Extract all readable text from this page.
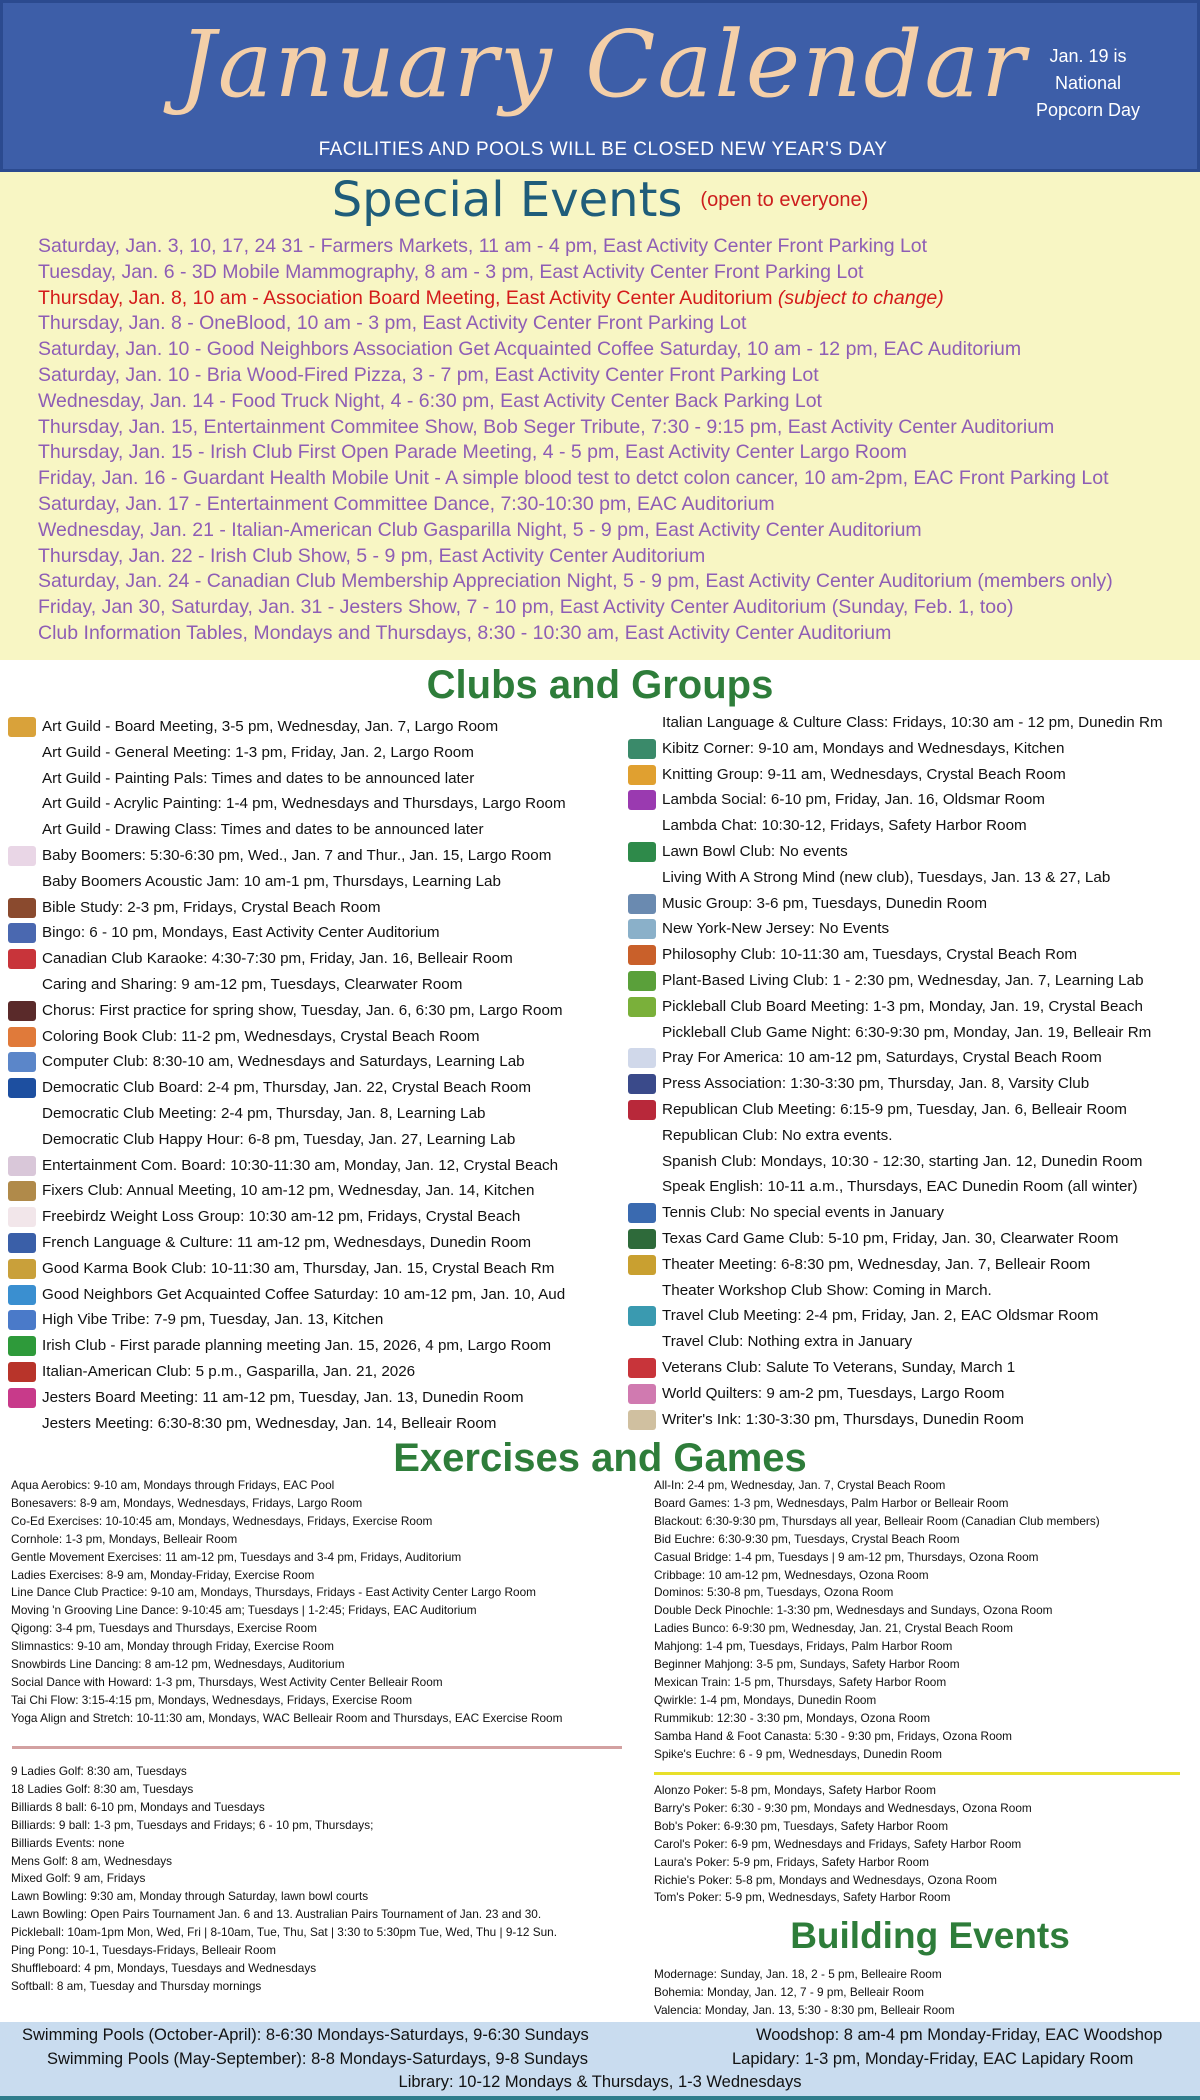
January Calendar
FACILITIES AND POOLS WILL BE CLOSED NEW YEAR'S DAY
Jan. 19 is
National
Popcorn Day
Special Events (open to everyone)
Saturday, Jan. 3, 10, 17, 24 31 - Farmers Markets, 11 am - 4 pm, East Activity Center Front Parking Lot
Tuesday, Jan. 6 - 3D Mobile Mammography, 8 am - 3 pm, East Activity Center Front Parking Lot
Thursday, Jan. 8, 10 am - Association Board Meeting, East Activity Center Auditorium (subject to change)
Thursday, Jan. 8 - OneBlood, 10 am - 3 pm, East Activity Center Front Parking Lot
Saturday, Jan. 10 - Good Neighbors Association Get Acquainted Coffee Saturday, 10 am - 12 pm, EAC Auditorium
Saturday, Jan. 10 - Bria Wood-Fired Pizza, 3 - 7 pm, East Activity Center Front Parking Lot
Wednesday, Jan. 14 - Food Truck Night, 4 - 6:30 pm, East Activity Center Back Parking Lot
Thursday, Jan. 15, Entertainment Commitee Show, Bob Seger Tribute, 7:30 - 9:15 pm, East Activity Center Auditorium
Thursday, Jan. 15 - Irish Club First Open Parade Meeting, 4 - 5 pm, East Activity Center Largo Room
Friday, Jan. 16 - Guardant Health Mobile Unit - A simple blood test to detct colon cancer, 10 am-2pm, EAC Front Parking Lot
Saturday, Jan. 17 - Entertainment Committee Dance, 7:30-10:30 pm, EAC Auditorium
Wednesday, Jan. 21 - Italian-American Club Gasparilla Night, 5 - 9 pm, East Activity Center Auditorium
Thursday, Jan. 22 - Irish Club Show, 5 - 9 pm, East Activity Center Auditorium
Saturday, Jan. 24 - Canadian Club Membership Appreciation Night, 5 - 9 pm, East Activity Center Auditorium (members only)
Friday, Jan 30, Saturday, Jan. 31 - Jesters Show, 7 - 10 pm, East Activity Center Auditorium (Sunday, Feb. 1, too)
Club Information Tables, Mondays and Thursdays, 8:30 - 10:30 am, East Activity Center Auditorium
Clubs and Groups
Art Guild - Board Meeting, 3-5 pm, Wednesday, Jan. 7, Largo Room
Art Guild - General Meeting: 1-3 pm, Friday, Jan. 2, Largo Room
Art Guild - Painting Pals: Times and dates to be announced later
Art Guild - Acrylic Painting: 1-4 pm, Wednesdays and Thursdays, Largo Room
Art Guild - Drawing Class: Times and dates to be announced later
Baby Boomers: 5:30-6:30 pm, Wed., Jan. 7 and Thur., Jan. 15, Largo Room
Baby Boomers Acoustic Jam: 10 am-1 pm, Thursdays, Learning Lab
Bible Study: 2-3 pm, Fridays, Crystal Beach Room
Bingo: 6 - 10 pm, Mondays, East Activity Center Auditorium
Canadian Club Karaoke: 4:30-7:30 pm, Friday, Jan. 16, Belleair Room
Caring and Sharing: 9 am-12 pm, Tuesdays, Clearwater Room
Chorus: First practice for spring show, Tuesday, Jan. 6, 6:30 pm, Largo Room
Coloring Book Club: 11-2 pm, Wednesdays, Crystal Beach Room
Computer Club: 8:30-10 am, Wednesdays and Saturdays, Learning Lab
Democratic Club Board: 2-4 pm, Thursday, Jan. 22, Crystal Beach Room
Democratic Club Meeting: 2-4 pm, Thursday, Jan. 8, Learning Lab
Democratic Club Happy Hour: 6-8 pm, Tuesday, Jan. 27, Learning Lab
Entertainment Com. Board: 10:30-11:30 am, Monday, Jan. 12, Crystal Beach
Fixers Club: Annual Meeting, 10 am-12 pm, Wednesday, Jan. 14, Kitchen
Freebirdz Weight Loss Group: 10:30 am-12 pm, Fridays, Crystal Beach
French Language & Culture: 11 am-12 pm, Wednesdays, Dunedin Room
Good Karma Book Club: 10-11:30 am, Thursday, Jan. 15, Crystal Beach Rm
Good Neighbors Get Acquainted Coffee Saturday: 10 am-12 pm, Jan. 10, Aud
High Vibe Tribe: 7-9 pm, Tuesday, Jan. 13, Kitchen
Irish Club - First parade planning meeting Jan. 15, 2026, 4 pm, Largo Room
Italian-American Club: 5 p.m., Gasparilla, Jan. 21, 2026
Jesters Board Meeting: 11 am-12 pm, Tuesday, Jan. 13, Dunedin Room
Jesters Meeting: 6:30-8:30 pm, Wednesday, Jan. 14, Belleair Room
Italian Language & Culture Class: Fridays, 10:30 am - 12 pm, Dunedin Rm
Kibitz Corner: 9-10 am, Mondays and Wednesdays, Kitchen
Knitting Group: 9-11 am, Wednesdays, Crystal Beach Room
Lambda Social: 6-10 pm, Friday, Jan. 16, Oldsmar Room
Lambda Chat: 10:30-12, Fridays, Safety Harbor Room
Lawn Bowl Club: No events
Living With A Strong Mind (new club), Tuesdays, Jan. 13 & 27, Lab
Music Group: 3-6 pm, Tuesdays, Dunedin Room
New York-New Jersey: No Events
Philosophy Club: 10-11:30 am, Tuesdays, Crystal Beach Rom
Plant-Based Living Club: 1 - 2:30 pm, Wednesday, Jan. 7, Learning Lab
Pickleball Club Board Meeting: 1-3 pm, Monday, Jan. 19, Crystal Beach
Pickleball Club Game Night: 6:30-9:30 pm, Monday, Jan. 19, Belleair Rm
Pray For America: 10 am-12 pm, Saturdays, Crystal Beach Room
Press Association: 1:30-3:30 pm, Thursday, Jan. 8, Varsity Club
Republican Club Meeting: 6:15-9 pm, Tuesday, Jan. 6, Belleair Room
Republican Club: No extra events.
Spanish Club: Mondays, 10:30 - 12:30, starting Jan. 12, Dunedin Room
Speak English: 10-11 a.m., Thursdays, EAC Dunedin Room (all winter)
Tennis Club: No special events in January
Texas Card Game Club: 5-10 pm, Friday, Jan. 30, Clearwater Room
Theater Meeting: 6-8:30 pm, Wednesday, Jan. 7, Belleair Room
Theater Workshop Club Show: Coming in March.
Travel Club Meeting: 2-4 pm, Friday, Jan. 2, EAC Oldsmar Room
Travel Club: Nothing extra in January
Veterans Club: Salute To Veterans, Sunday, March 1
World Quilters: 9 am-2 pm, Tuesdays, Largo Room
Writer's Ink: 1:30-3:30 pm, Thursdays, Dunedin Room
Exercises and Games
Aqua Aerobics: 9-10 am, Mondays through Fridays, EAC Pool
Bonesavers: 8-9 am, Mondays, Wednesdays, Fridays, Largo Room
Co-Ed Exercises: 10-10:45 am, Mondays, Wednesdays, Fridays, Exercise Room
Cornhole: 1-3 pm, Mondays, Belleair Room
Gentle Movement Exercises: 11 am-12 pm, Tuesdays and 3-4 pm, Fridays, Auditorium
Ladies Exercises: 8-9 am, Monday-Friday, Exercise Room
Line Dance Club Practice: 9-10 am, Mondays, Thursdays, Fridays - East Activity Center Largo Room
Moving 'n Grooving Line Dance: 9-10:45 am; Tuesdays | 1-2:45; Fridays, EAC Auditorium
Qigong: 3-4 pm, Tuesdays and Thursdays, Exercise Room
Slimnastics: 9-10 am, Monday through Friday, Exercise Room
Snowbirds Line Dancing: 8 am-12 pm, Wednesdays, Auditorium
Social Dance with Howard: 1-3 pm, Thursdays, West Activity Center Belleair Room
Tai Chi Flow: 3:15-4:15 pm, Mondays, Wednesdays, Fridays, Exercise Room
Yoga Align and Stretch: 10-11:30 am, Mondays, WAC Belleair Room and Thursdays, EAC Exercise Room
9 Ladies Golf: 8:30 am, Tuesdays
18 Ladies Golf: 8:30 am, Tuesdays
Billiards 8 ball: 6-10 pm, Mondays and Tuesdays
Billiards: 9 ball: 1-3 pm, Tuesdays and Fridays; 6 - 10 pm, Thursdays;
Billiards Events: none
Mens Golf: 8 am, Wednesdays
Mixed Golf: 9 am, Fridays
Lawn Bowling: 9:30 am, Monday through Saturday, lawn bowl courts
Lawn Bowling: Open Pairs Tournament Jan. 6 and 13. Australian Pairs Tournament of Jan. 23 and 30.
Pickleball: 10am-1pm Mon, Wed, Fri | 8-10am, Tue, Thu, Sat | 3:30 to 5:30pm Tue, Wed, Thu | 9-12 Sun.
Ping Pong: 10-1, Tuesdays-Fridays, Belleair Room
Shuffleboard: 4 pm, Mondays, Tuesdays and Wednesdays
Softball: 8 am, Tuesday and Thursday mornings
All-In: 2-4 pm, Wednesday, Jan. 7, Crystal Beach Room
Board Games: 1-3 pm, Wednesdays, Palm Harbor or Belleair Room
Blackout: 6:30-9:30 pm, Thursdays all year, Belleair Room (Canadian Club members)
Bid Euchre: 6:30-9:30 pm, Tuesdays, Crystal Beach Room
Casual Bridge: 1-4 pm, Tuesdays | 9 am-12 pm, Thursdays, Ozona Room
Cribbage: 10 am-12 pm, Wednesdays, Ozona Room
Dominos: 5:30-8 pm, Tuesdays, Ozona Room
Double Deck Pinochle: 1-3:30 pm, Wednesdays and Sundays, Ozona Room
Ladies Bunco: 6-9:30 pm, Wednesday, Jan. 21, Crystal Beach Room
Mahjong: 1-4 pm, Tuesdays, Fridays, Palm Harbor Room
Beginner Mahjong: 3-5 pm, Sundays, Safety Harbor Room
Mexican Train: 1-5 pm, Thursdays, Safety Harbor Room
Qwirkle: 1-4 pm, Mondays, Dunedin Room
Rummikub: 12:30 - 3:30 pm, Mondays, Ozona Room
Samba Hand & Foot Canasta: 5:30 - 9:30 pm, Fridays, Ozona Room
Spike's Euchre: 6 - 9 pm, Wednesdays, Dunedin Room
Alonzo Poker: 5-8 pm, Mondays, Safety Harbor Room
Barry's Poker: 6:30 - 9:30 pm, Mondays and Wednesdays, Ozona Room
Bob's Poker: 6-9:30 pm, Tuesdays, Safety Harbor Room
Carol's Poker: 6-9 pm, Wednesdays and Fridays, Safety Harbor Room
Laura's Poker: 5-9 pm, Fridays, Safety Harbor Room
Richie's Poker: 5-8 pm, Mondays and Wednesdays, Ozona Room
Tom's Poker: 5-9 pm, Wednesdays, Safety Harbor Room
Building Events
Modernage: Sunday, Jan. 18, 2 - 5 pm, Belleaire Room
Bohemia: Monday, Jan. 12, 7 - 9 pm, Belleair Room
Valencia: Monday, Jan. 13, 5:30 - 8:30 pm, Belleair Room
Swimming Pools (October-April): 8-6:30 Mondays-Saturdays, 9-6:30 Sundays
Swimming Pools (May-September): 8-8 Mondays-Saturdays, 9-8 Sundays
Woodshop: 8 am-4 pm Monday-Friday, EAC Woodshop
Lapidary: 1-3 pm, Monday-Friday, EAC Lapidary Room
Library: 10-12 Mondays & Thursdays, 1-3 Wednesdays
